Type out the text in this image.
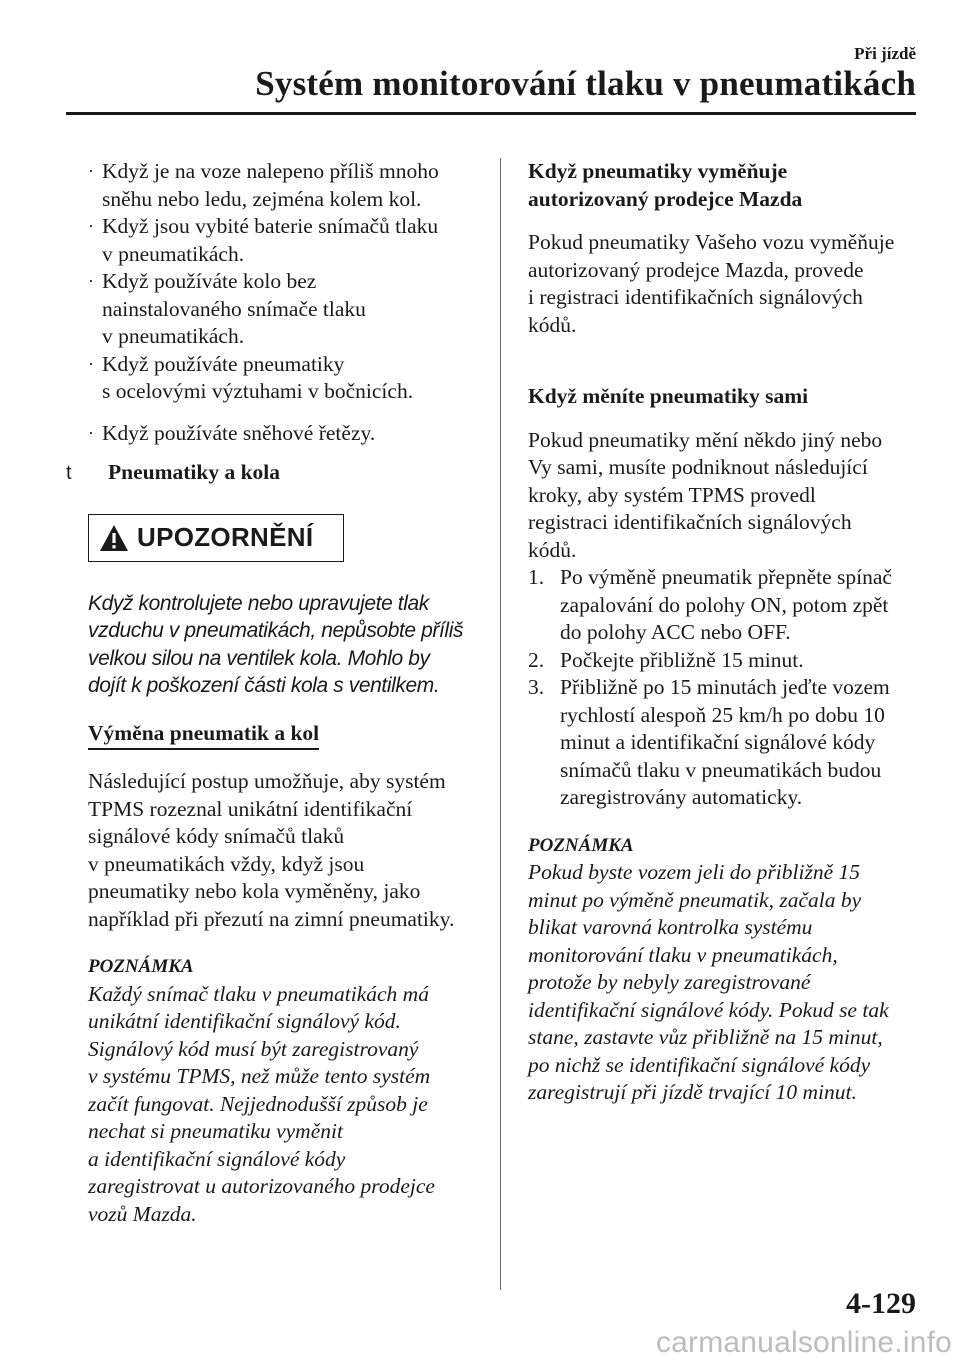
Při jízdě
Systém monitorování tlaku v pneumatikách
· Když je na voze nalepeno příliš mnoho
sněhu nebo ledu, zejména kolem kol.
· Když jsou vybité baterie snímačů tlaku
v pneumatikách.
· Když používáte kolo bez
nainstalovaného snímače tlaku
v pneumatikách.
· Když používáte pneumatiky
s ocelovými výztuhami v bočnicích.
· Když používáte sněhové řetězy.
t	Pneumatiky a kola
UPOZORNĚNÍ
Když kontrolujete nebo upravujete tlak
vzduchu v pneumatikách, nepůsobte příliš
velkou silou na ventilek kola. Mohlo by
dojít k poškození části kola s ventilkem.
Výměna pneumatik a kol

Následující postup umožňuje, aby systém
TPMS rozeznal unikátní identifikační
signálové kódy snímačů tlaků
v pneumatikách vždy, když jsou
pneumatiky nebo kola vyměněny, jako
například při přezutí na zimní pneumatiky.

POZNÁMKA

Každý snímač tlaku v pneumatikách má
unikátní identifikační signálový kód.
Signálový kód musí být zaregistrovaný
v systému TPMS, než může tento systém
začít fungovat. Nejjednodušší způsob je
nechat si pneumatiku vyměnit
a identifikační signálové kódy
zaregistrovat u autorizovaného prodejce
vozů Mazda.

Když pneumatiky vyměňuje
autorizovaný prodejce Mazda

Pokud pneumatiky Vašeho vozu vyměňuje
autorizovaný prodejce Mazda, provede
i registraci identifikačních signálových
kódů.

Když měníte pneumatiky sami

Pokud pneumatiky mění někdo jiný nebo
Vy sami, musíte podniknout následující
kroky, aby systém TPMS provedl
registraci identifikačních signálových
kódů.

1. Po výměně pneumatik přepněte spínač
zapalování do polohy ON, potom zpět
do polohy ACC nebo OFF.
2. Počkejte přibližně 15 minut.
3. Přibližně po 15 minutách jeďte vozem
rychlostí alespoň 25 km/h po dobu 10
minut a identifikační signálové kódy
snímačů tlaku v pneumatikách budou
zaregistrovány automaticky.
POZNÁMKA

Pokud byste vozem jeli do přibližně 15
minut po výměně pneumatik, začala by
blikat varovná kontrolka systému
monitorování tlaku v pneumatikách,
protože by nebyly zaregistrované
identifikační signálové kódy. Pokud se tak
stane, zastavte vůz přibližně na 15 minut,
po nichž se identifikační signálové kódy
zaregistrují při jízdě trvající 10 minut.

4-129
carmanualsonline.info
